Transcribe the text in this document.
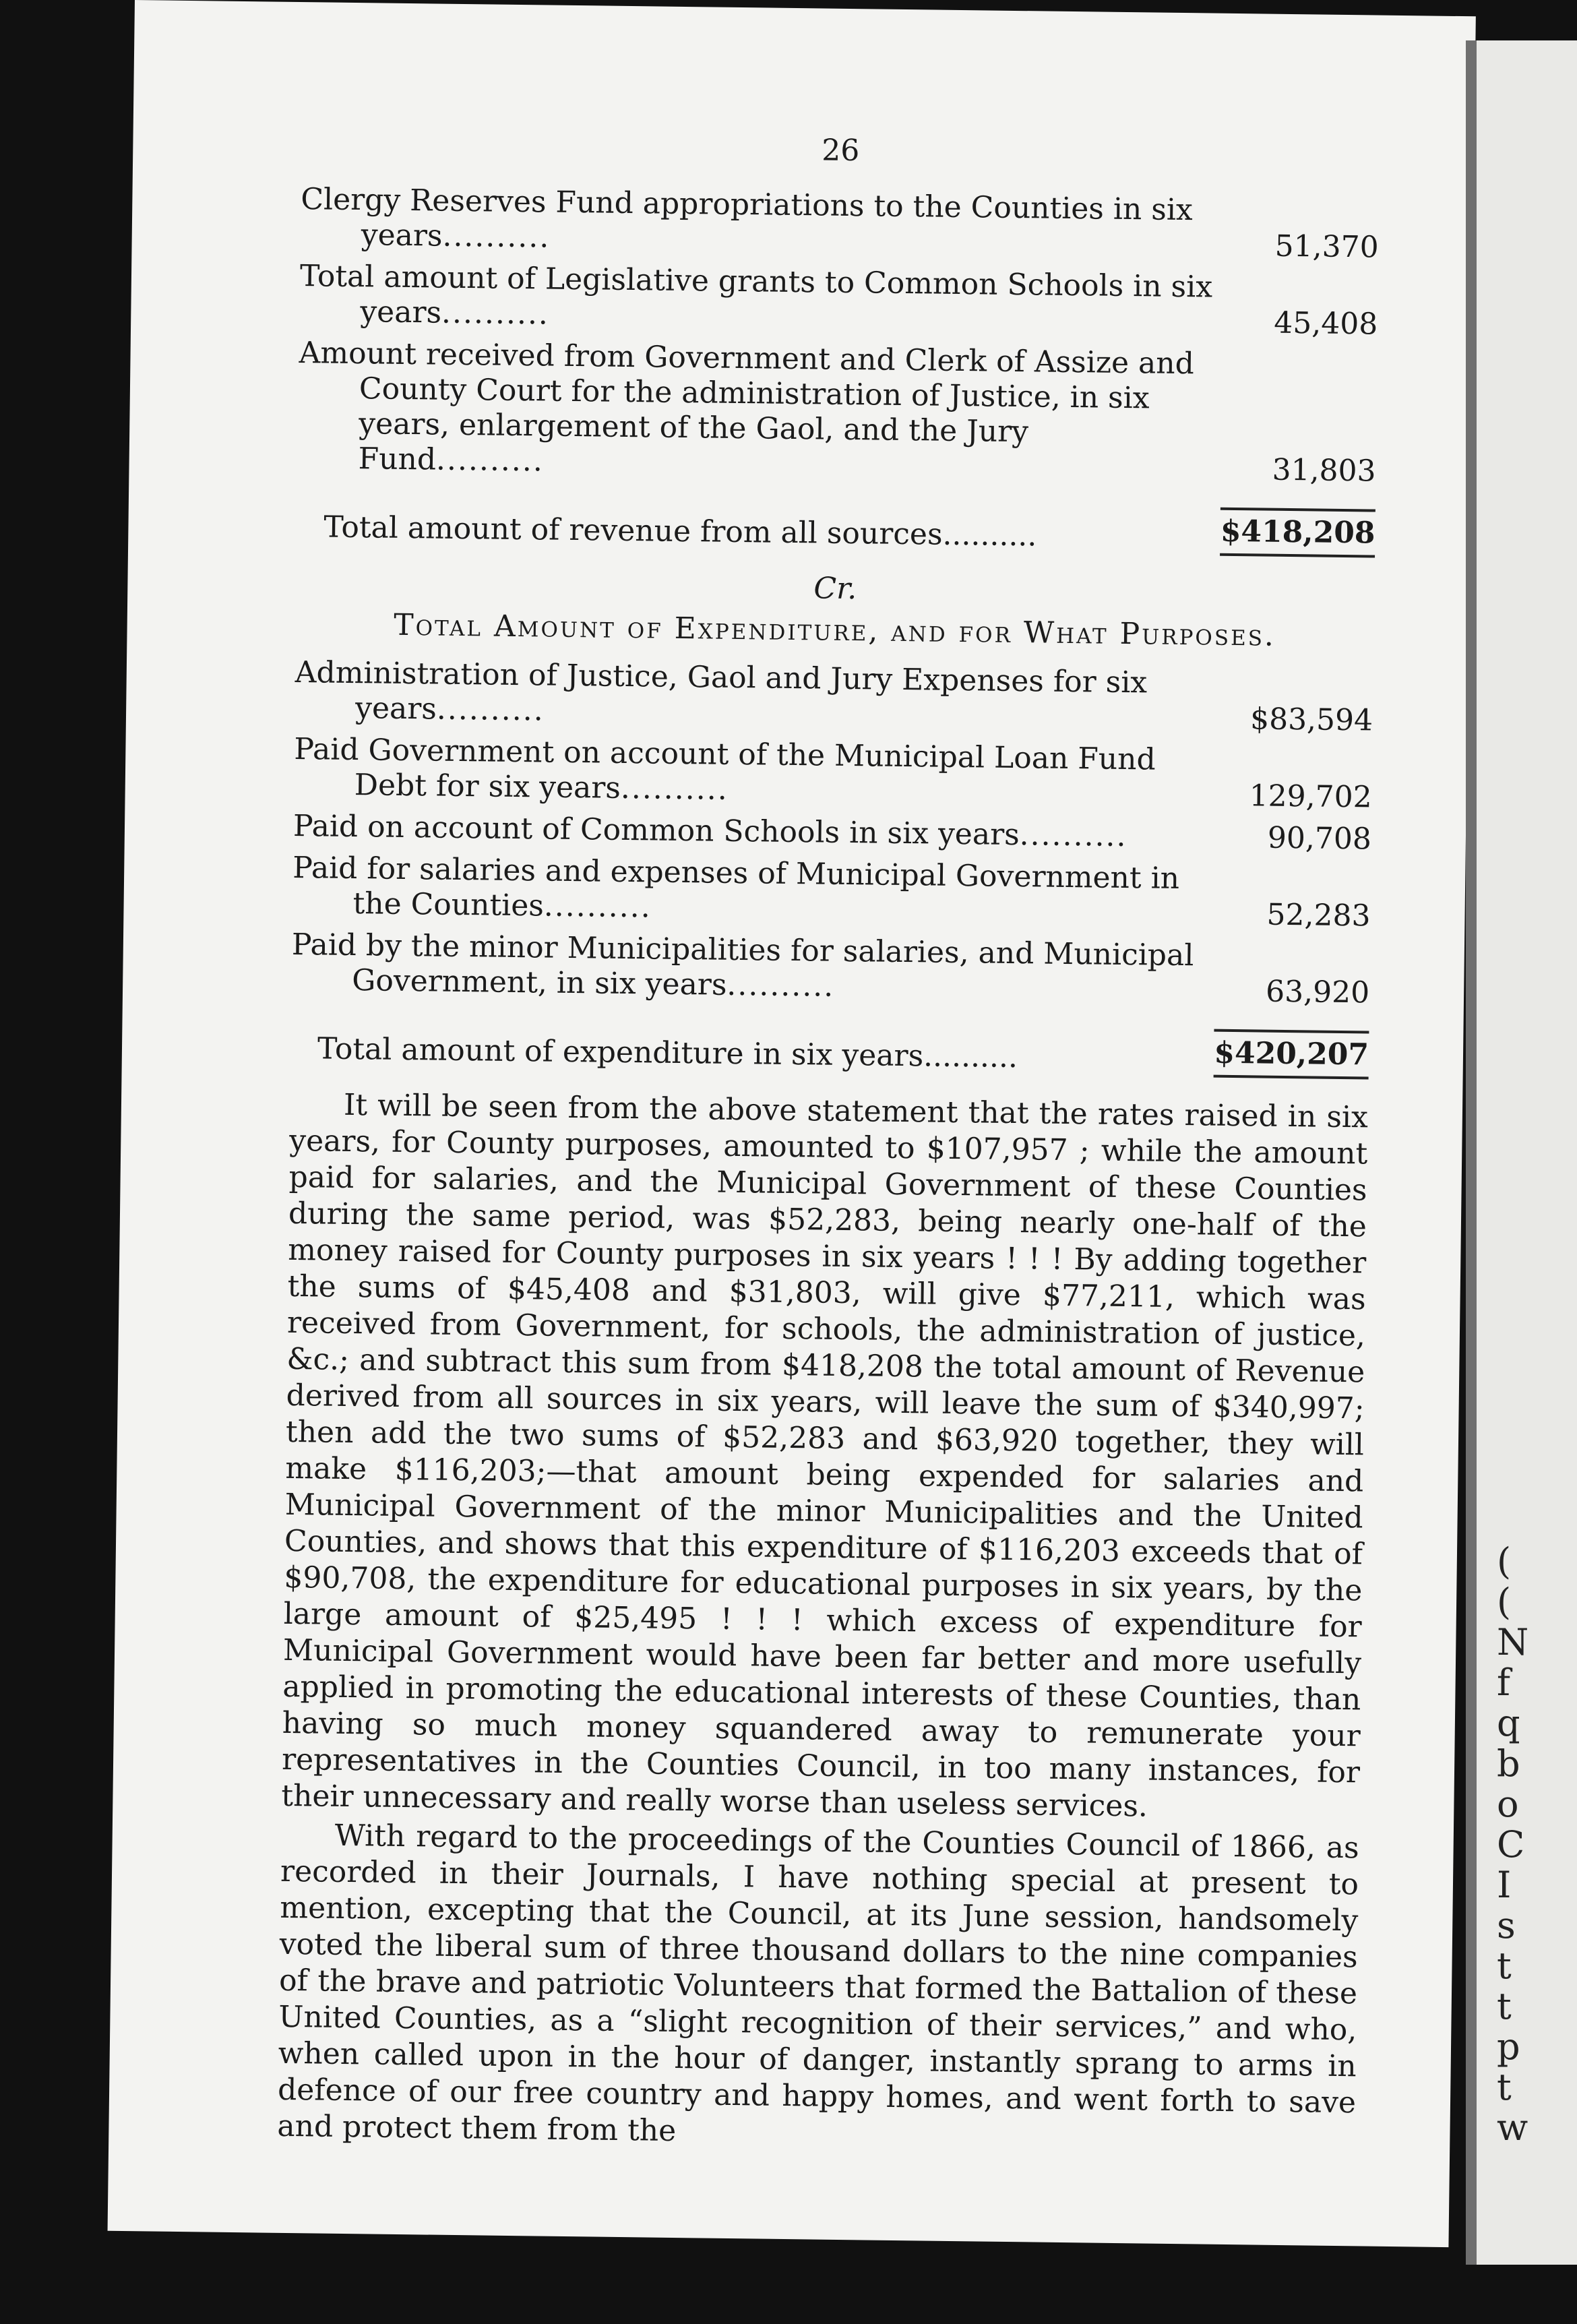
26
Clergy Reserves Fund appropriations to the Counties in six years..........	51,370
Total amount of Legislative grants to Common Schools in six years..........	45,408
Amount received from Government and Clerk of Assize and County Court for the administration of Justice, in six years, enlargement of the Gaol, and the Jury Fund..........	31,803
Total amount of revenue from all sources..........	$418,208
Cr.
Total Amount of Expenditure, and for What Purposes.
Administration of Justice, Gaol and Jury Expenses for six years..........	$83,594
Paid Government on account of the Municipal Loan Fund Debt for six years..........	129,702
Paid on account of Common Schools in six years..........	90,708
Paid for salaries and expenses of Municipal Government in the Counties..........	52,283
Paid by the minor Municipalities for salaries, and Municipal Government, in six years..........	63,920
Total amount of expenditure in six years..........	$420,207

It will be seen from the above statement that the rates raised in six years, for County purposes, amounted to $107,957 ; while the amount paid for salaries, and the Municipal Government of these Counties during the same period, was $52,283, being nearly one-half of the money raised for County purposes in six years ! ! ! By adding together the sums of $45,408 and $31,803, will give $77,211, which was received from Government, for schools, the administration of justice, &c.; and subtract this sum from $418,208 the total amount of Revenue derived from all sources in six years, will leave the sum of $340,997; then add the two sums of $52,283 and $63,920 together, they will make $116,203;—that amount being expended for salaries and Municipal Government of the minor Municipalities and the United Counties, and shows that this expenditure of $116,203 exceeds that of $90,708, the expenditure for educational purposes in six years, by the large amount of $25,495 ! ! ! which excess of expenditure for Municipal Government would have been far better and more usefully applied in promoting the educational interests of these Counties, than having so much money squandered away to remunerate your representatives in the Counties Council, in too many instances, for their unnecessary and really worse than useless services.

With regard to the proceedings of the Counties Council of 1866, as recorded in their Journals, I have nothing special at present to mention, excepting that the Council, at its June session, handsomely voted the liberal sum of three thousand dollars to the nine companies of the brave and patriotic Volunteers that formed the Battalion of these United Counties, as a “slight recognition of their services,” and who, when called upon in the hour of danger, instantly sprang to arms in defence of our free country and happy homes, and went forth to save and protect them from the

(
(
N
f
q
b
o
C
I
s
t
t
p
t
w
